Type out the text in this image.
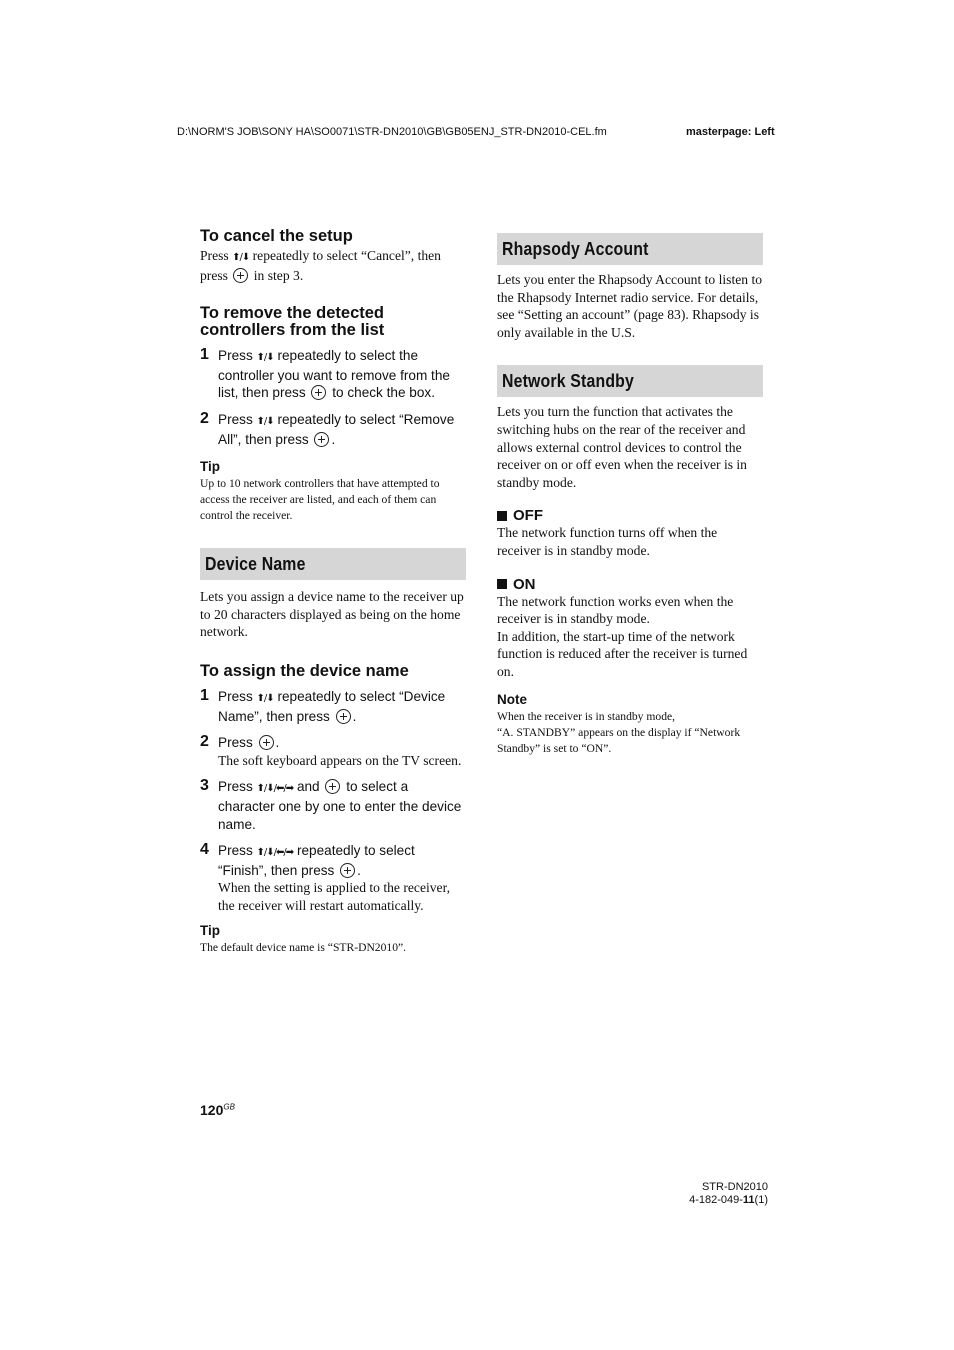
D:\NORM'S JOB\SONY HA\SO0071\STR-DN2010\GB\GB05ENJ_STR-DN2010-CEL.fm	masterpage: Left
To cancel the setup

Press ⬆/⬇ repeatedly to select “Cancel”, then
press in step 3.

To remove the detected
controllers from the list
1 Press ⬆/⬇ repeatedly to select the controller you want to remove from the list, then press to check the box.
2 Press ⬆/⬇ repeatedly to select “Remove All”, then press .
Tip

Up to 10 network controllers that have attempted to access the receiver are listed, and each of them can control the receiver.

Device Name

Lets you assign a device name to the receiver up to 20 characters displayed as being on the home network.

To assign the device name
1 Press ⬆/⬇ repeatedly to select “Device Name”, then press .
2 Press .
The soft keyboard appears on the TV screen.
3 Press ⬆/⬇/⬅/➡ and to select a character one by one to enter the device name.
4 Press ⬆/⬇/⬅/➡ repeatedly to select “Finish”, then press .
When the setting is applied to the receiver, the receiver will restart automatically.
Tip

The default device name is “STR-DN2010”.

Rhapsody Account

Lets you enter the Rhapsody Account to listen to the Rhapsody Internet radio service. For details, see “Setting an account” (page 83). Rhapsody is only available in the U.S.

Network Standby

Lets you turn the function that activates the switching hubs on the rear of the receiver and allows external control devices to control the receiver on or off even when the receiver is in standby mode.

OFF

The network function turns off when the receiver is in standby mode.

ON

The network function works even when the receiver is in standby mode.

In addition, the start-up time of the network function is reduced after the receiver is turned on.

Note

When the receiver is in standby mode,
“A. STANDBY” appears on the display if “Network Standby” is set to “ON”.

$120^{GB}$
STR-DN2010
4-182-049-11(1)
